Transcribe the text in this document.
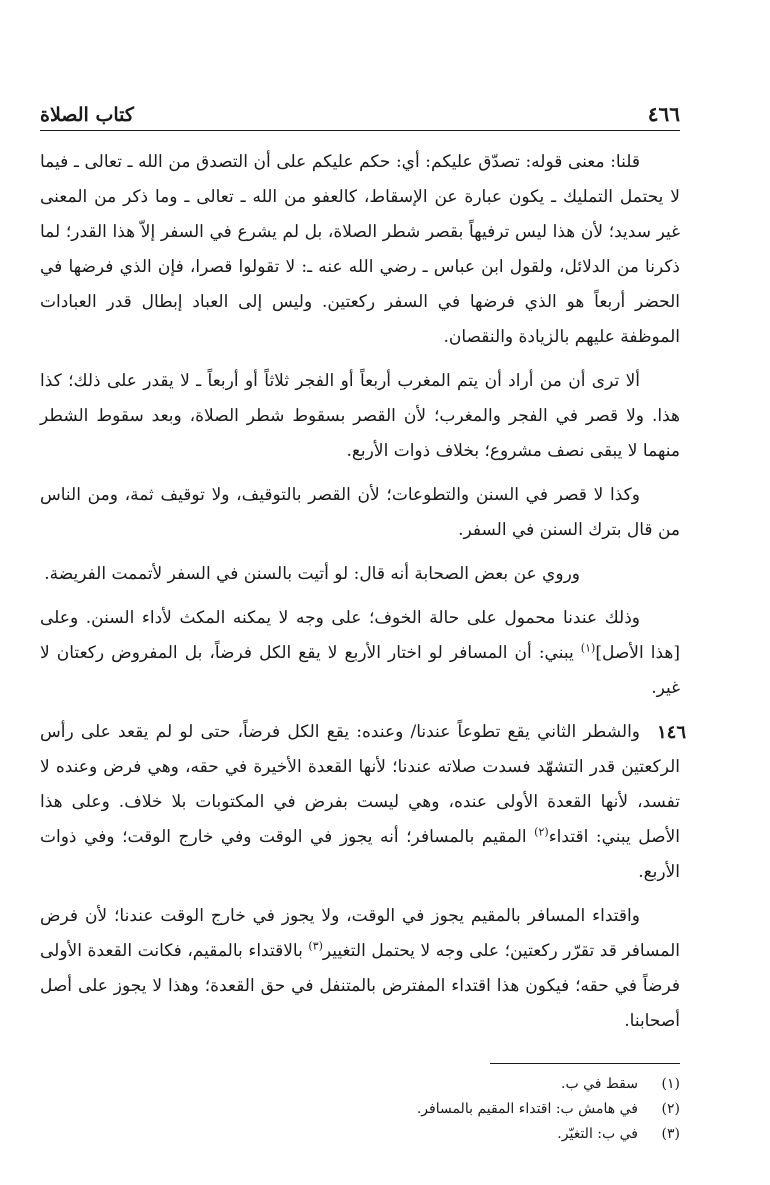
٤٦٦
كتاب الصلاة

قلنا: معنى قوله: تصدّق عليكم: أي: حكم عليكم على أن التصدق من الله ـ تعالى ـ فيما لا يحتمل التمليك ـ يكون عبارة عن الإسقاط، كالعفو من الله ـ تعالى ـ وما ذكر من المعنى غير سديد؛ لأن هذا ليس ترفيهاً بقصر شطر الصلاة، بل لم يشرع في السفر إلاّ هذا القدر؛ لما ذكرنا من الدلائل، ولقول ابن عباس ـ رضي الله عنه ـ: لا تقولوا قصرا، فإن الذي فرضها في الحضر أربعاً هو الذي فرضها في السفر ركعتين. وليس إلى العباد إبطال قدر العبادات الموظفة عليهم بالزيادة والنقصان.

ألا ترى أن من أراد أن يتم المغرب أربعاً أو الفجر ثلاثاً أو أربعاً ـ لا يقدر على ذلك؛ كذا هذا. ولا قصر في الفجر والمغرب؛ لأن القصر بسقوط شطر الصلاة، وبعد سقوط الشطر منهما لا يبقى نصف مشروع؛ بخلاف ذوات الأربع.

وكذا لا قصر في السنن والتطوعات؛ لأن القصر بالتوقيف، ولا توقيف ثمة، ومن الناس من قال بترك السنن في السفر.

وروي عن بعض الصحابة أنه قال: لو أتيت بالسنن في السفر لأتممت الفريضة.

وذلك عندنا محمول على حالة الخوف؛ على وجه لا يمكنه المكث لأداء السنن. وعلى [هذا الأصل]$^{(١)}$ يبني: أن المسافر لو اختار الأربع لا يقع الكل فرضاً، بل المفروض ركعتان لا غير.

١٤٦
والشطر الثاني يقع تطوعاً عندنا/ وعنده: يقع الكل فرضاً، حتى لو لم يقعد على رأس الركعتين قدر التشهّد فسدت صلاته عندنا؛ لأنها القعدة الأخيرة في حقه، وهي فرض وعنده لا تفسد، لأنها القعدة الأولى عنده، وهي ليست بفرض في المكتوبات بلا خلاف. وعلى هذا الأصل يبني: اقتداء$^{(٢)}$ المقيم بالمسافر؛ أنه يجوز في الوقت وفي خارج الوقت؛ وفي ذوات الأربع.

واقتداء المسافر بالمقيم يجوز في الوقت، ولا يجوز في خارج الوقت عندنا؛ لأن فرض المسافر قد تقرّر ركعتين؛ على وجه لا يحتمل التغيير$^{(٣)}$ بالاقتداء بالمقيم، فكانت القعدة الأولى فرضاً في حقه؛ فيكون هذا اقتداء المفترض بالمتنفل في حق القعدة؛ وهذا لا يجوز على أصل أصحابنا.

(١)
سقط في ب.
(٢)
في هامش ب: اقتداء المقيم بالمسافر.
(٣)
في ب: التغيّر.
